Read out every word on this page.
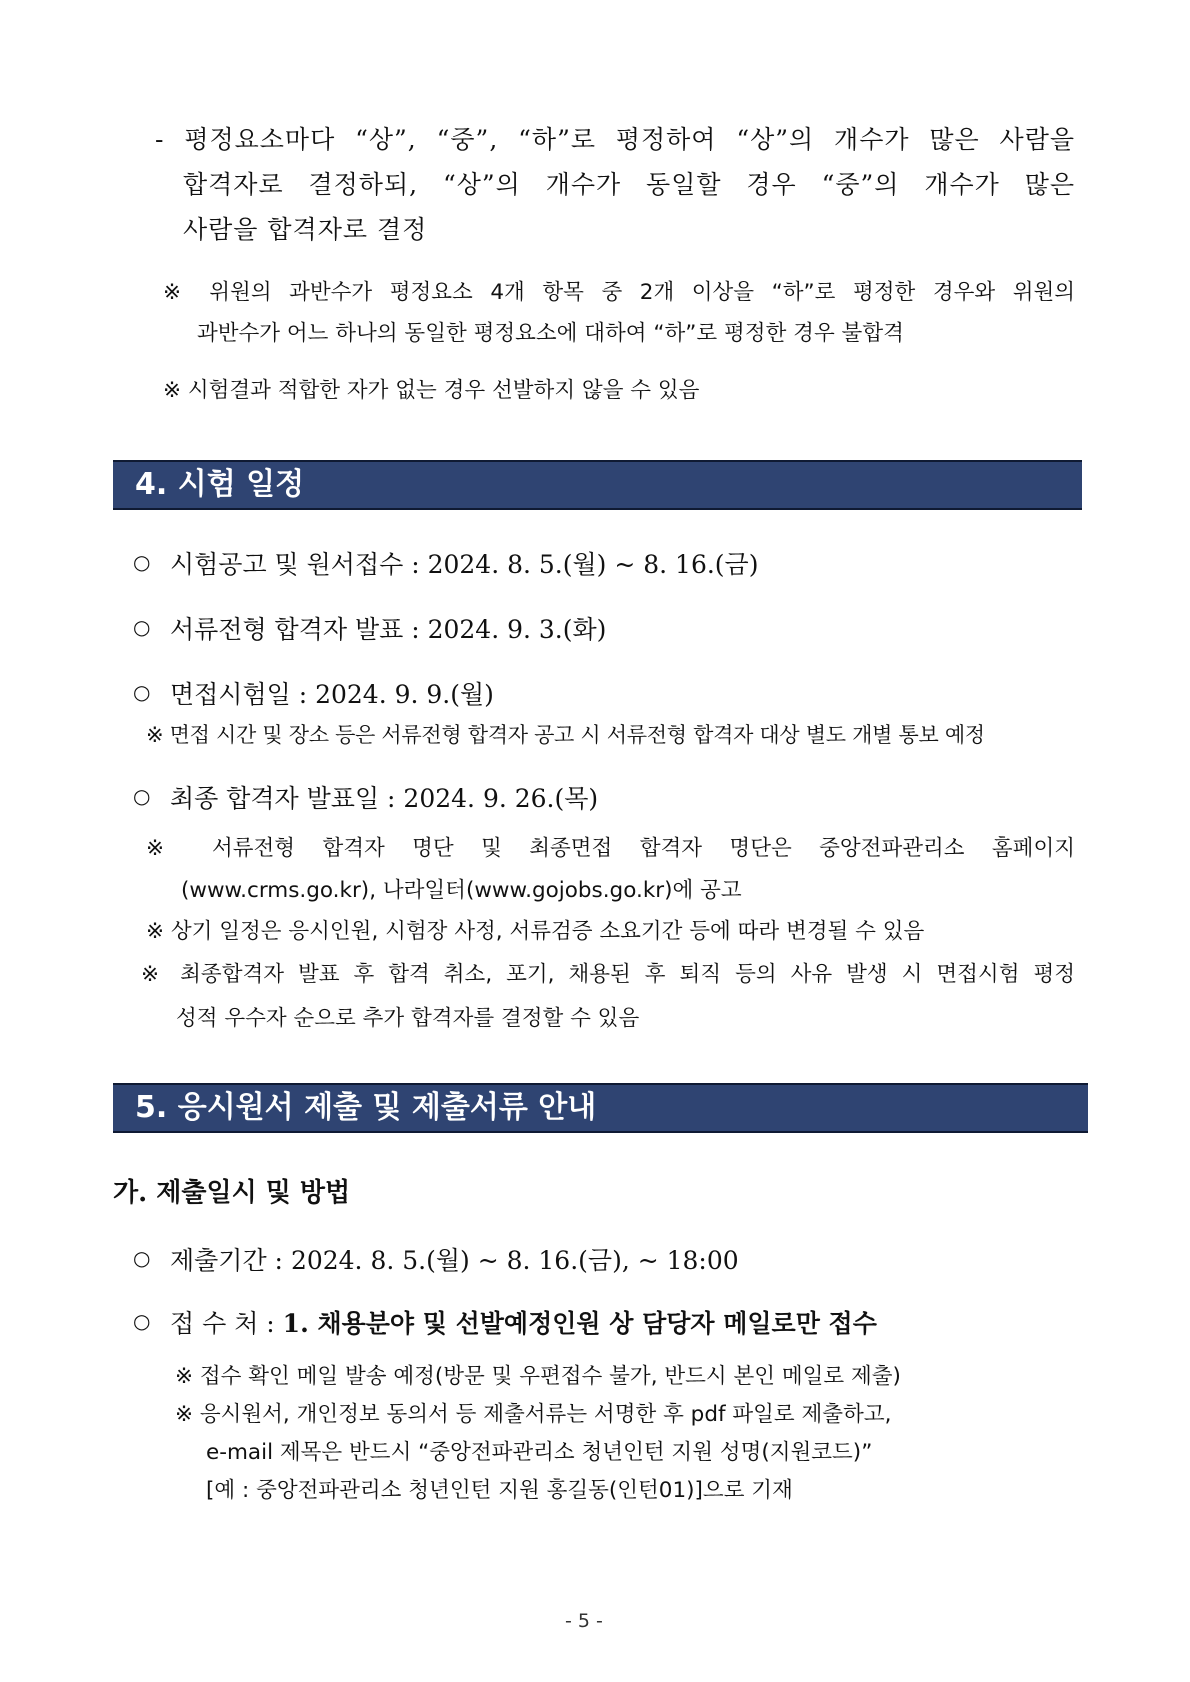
- 평정요소마다 “상”, “중”, “하”로 평정하여 “상”의 개수가 많은 사람을
합격자로 결정하되, “상”의 개수가 동일할 경우 “중”의 개수가 많은
사람을 합격자로 결정
※ 위원의 과반수가 평정요소 4개 항목 중 2개 이상을 “하”로 평정한 경우와 위원의
과반수가 어느 하나의 동일한 평정요소에 대하여 “하”로 평정한 경우 불합격
※ 시험결과 적합한 자가 없는 경우 선발하지 않을 수 있음
4. 시험 일정
○ 시험공고 및 원서접수 : 2024. 8. 5.(월) ~ 8. 16.(금)
○ 서류전형 합격자 발표 : 2024. 9. 3.(화)
○ 면접시험일 : 2024. 9. 9.(월)
※ 면접 시간 및 장소 등은 서류전형 합격자 공고 시 서류전형 합격자 대상 별도 개별 통보 예정
○ 최종 합격자 발표일 : 2024. 9. 26.(목)
※ 서류전형 합격자 명단 및 최종면접 합격자 명단은 중앙전파관리소 홈페이지
(www.crms.go.kr), 나라일터(www.gojobs.go.kr)에 공고
※ 상기 일정은 응시인원, 시험장 사정, 서류검증 소요기간 등에 따라 변경될 수 있음
※ 최종합격자 발표 후 합격 취소, 포기, 채용된 후 퇴직 등의 사유 발생 시 면접시험 평정
성적 우수자 순으로 추가 합격자를 결정할 수 있음
5. 응시원서 제출 및 제출서류 안내
가. 제출일시 및 방법
○ 제출기간 : 2024. 8. 5.(월) ~ 8. 16.(금), ~ 18:00
○ 접 수 처 : 1. 채용분야 및 선발예정인원 상 담당자 메일로만 접수
※ 접수 확인 메일 발송 예정(방문 및 우편접수 불가, 반드시 본인 메일로 제출)
※ 응시원서, 개인정보 동의서 등 제출서류는 서명한 후 pdf 파일로 제출하고,
e-mail 제목은 반드시 “중앙전파관리소 청년인턴 지원 성명(지원코드)”
[예 : 중앙전파관리소 청년인턴 지원 홍길동(인턴01)]으로 기재
- 5 -
